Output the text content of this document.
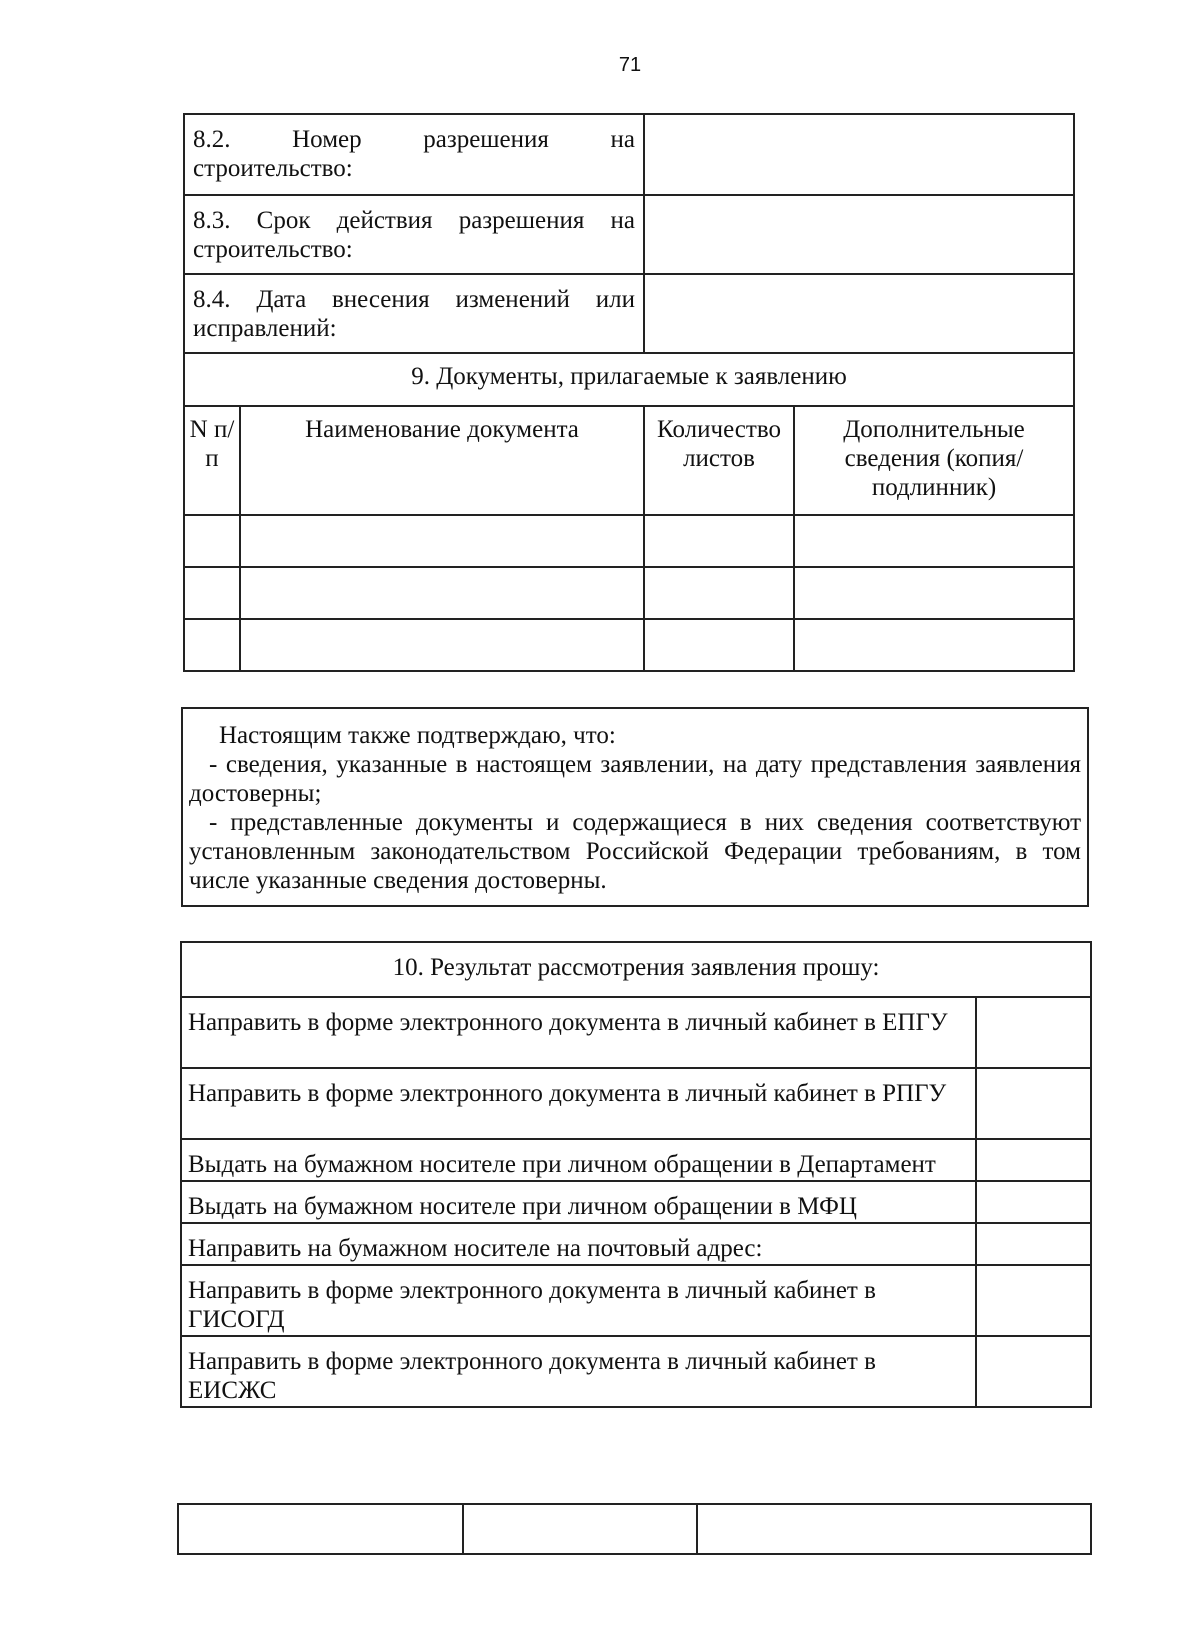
71
8.2. Номер разрешения на
строительство:			

8.3. Срок действия разрешения на
строительство:			

8.4. Дата внесения изменений или
исправлений:			
9. Документы, прилагаемые к заявлению			
N п/п	Наименование документа	Количество листов	Дополнительные сведения (копия/подлинник)

Настоящим также подтверждаю, что:

- сведения, указанные в настоящем заявлении, на дату представления заявления достоверны;

- представленные документы и содержащиеся в них сведения соответствуют установленным законодательством Российской Федерации требованиям, в том числе указанные сведения достоверны.

10. Результат рассмотрения заявления прошу:	
Направить в форме электронного документа в личный кабинет в ЕПГУ	
Направить в форме электронного документа в личный кабинет в РПГУ	
Выдать на бумажном носителе при личном обращении в Департамент	
Выдать на бумажном носителе при личном обращении в МФЦ	
Направить на бумажном носителе на почтовый адрес:	
Направить в форме электронного документа в личный кабинет в ГИСОГД	
Направить в форме электронного документа в личный кабинет в ЕИСЖС	
